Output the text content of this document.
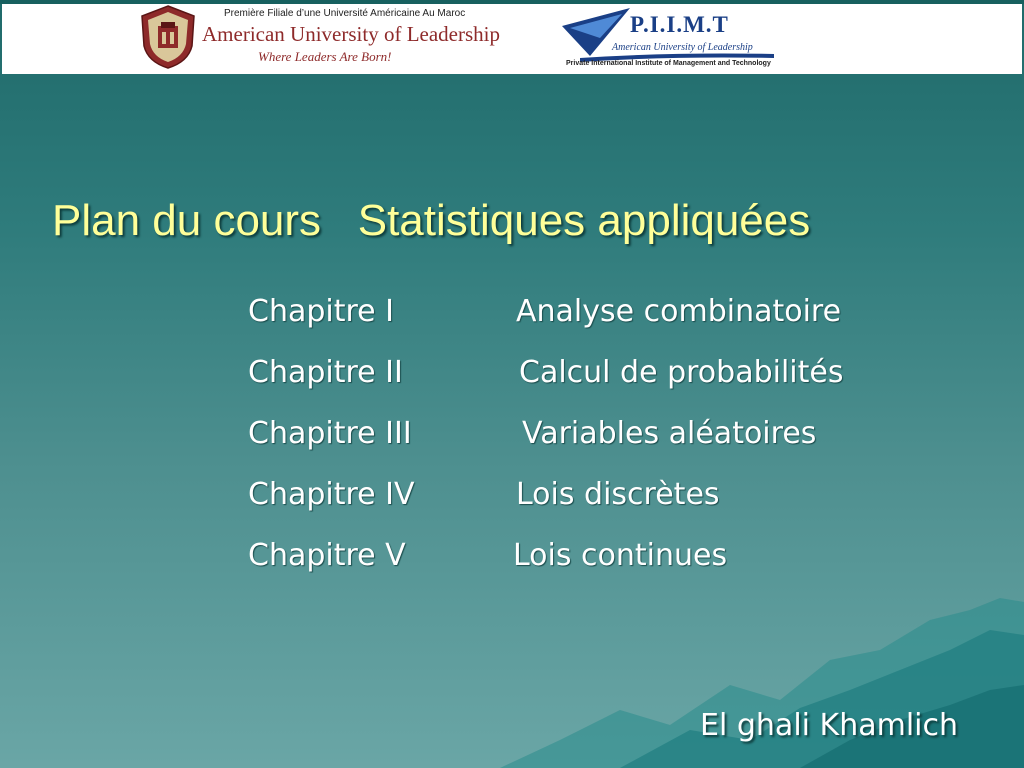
Première Filiale d’une Université Américaine Au Maroc
American University of Leadership
Where Leaders Are Born!
P.I.I.M.T
American University of Leadership
Private International Institute of Management and Technology
Plan du cours   Statistiques appliquées
Chapitre I	Analyse combinatoire
Chapitre II	Calcul de probabilités
Chapitre III	Variables aléatoires
Chapitre IV	Lois discrètes
Chapitre V	Lois continues
El ghali Khamlich
